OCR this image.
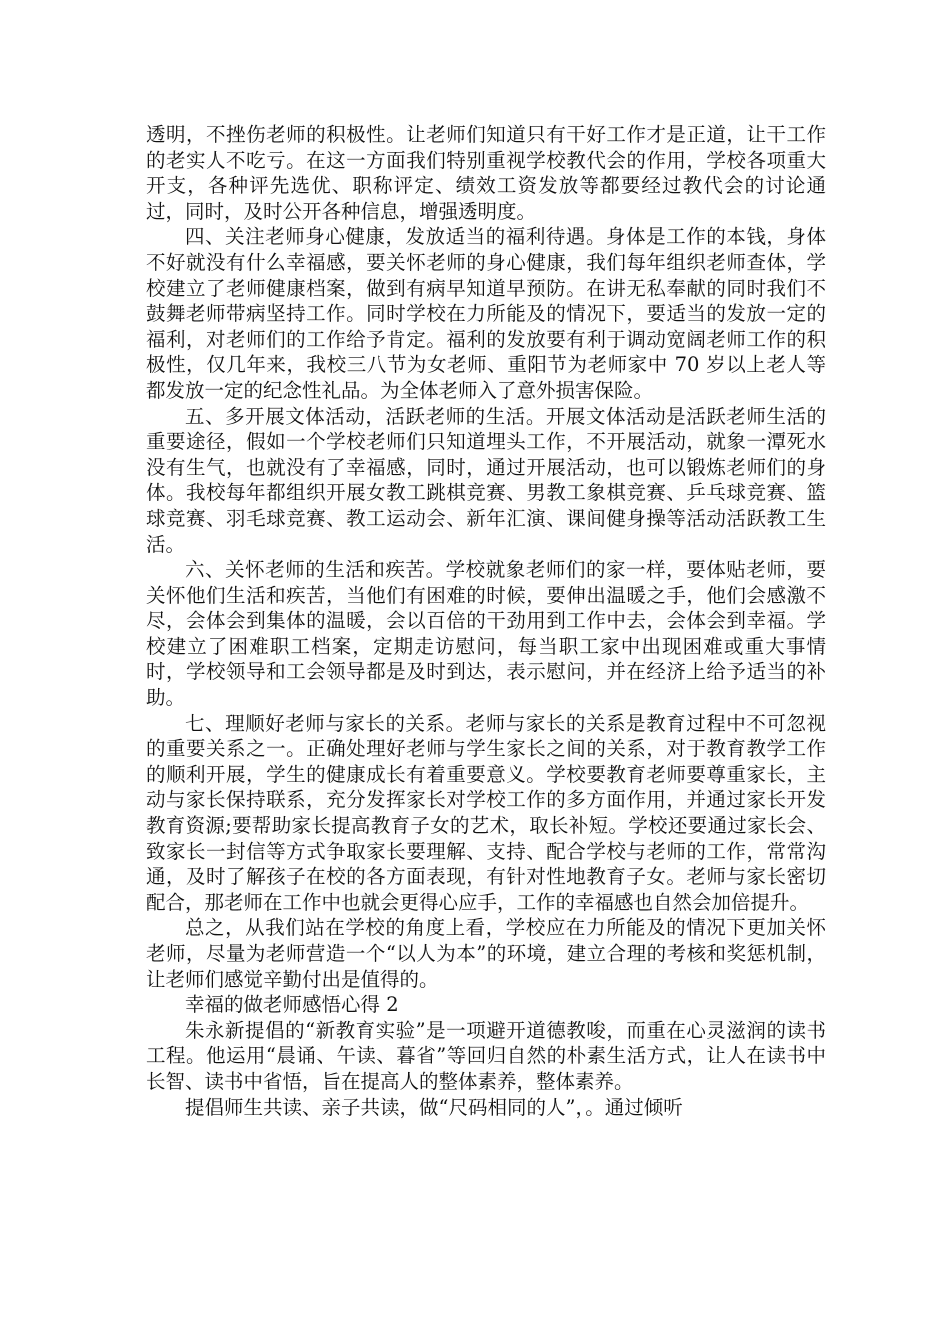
透明，不挫伤老师的积极性。让老师们知道只有干好工作才是正道，让干工作的老实人不吃亏。在这一方面我们特别重视学校教代会的作用，学校各项重大开支，各种评先选优、职称评定、绩效工资发放等都要经过教代会的讨论通过，同时，及时公开各种信息，增强透明度。

四、关注老师身心健康，发放适当的福利待遇。身体是工作的本钱，身体不好就没有什么幸福感，要关怀老师的身心健康，我们每年组织老师查体，学校建立了老师健康档案，做到有病早知道早预防。在讲无私奉献的同时我们不鼓舞老师带病坚持工作。同时学校在力所能及的情况下，要适当的发放一定的福利，对老师们的工作给予肯定。福利的发放要有利于调动宽阔老师工作的积极性，仅几年来，我校三八节为女老师、重阳节为老师家中 70 岁以上老人等都发放一定的纪念性礼品。为全体老师入了意外损害保险。

五、多开展文体活动，活跃老师的生活。开展文体活动是活跃老师生活的重要途径，假如一个学校老师们只知道埋头工作，不开展活动，就象一潭死水没有生气，也就没有了幸福感，同时，通过开展活动，也可以锻炼老师们的身体。我校每年都组织开展女教工跳棋竞赛、男教工象棋竞赛、乒乓球竞赛、篮球竞赛、羽毛球竞赛、教工运动会、新年汇演、课间健身操等活动活跃教工生活。

六、关怀老师的生活和疾苦。学校就象老师们的家一样，要体贴老师，要关怀他们生活和疾苦，当他们有困难的时候，要伸出温暖之手，他们会感激不尽，会体会到集体的温暖，会以百倍的干劲用到工作中去，会体会到幸福。学校建立了困难职工档案，定期走访慰问，每当职工家中出现困难或重大事情时，学校领导和工会领导都是及时到达，表示慰问，并在经济上给予适当的补助。

七、理顺好老师与家长的关系。老师与家长的关系是教育过程中不可忽视的重要关系之一。正确处理好老师与学生家长之间的关系，对于教育教学工作的顺利开展，学生的健康成长有着重要意义。学校要教育老师要尊重家长，主动与家长保持联系，充分发挥家长对学校工作的多方面作用，并通过家长开发教育资源;要帮助家长提高教育子女的艺术，取长补短。学校还要通过家长会、致家长一封信等方式争取家长要理解、支持、配合学校与老师的工作，常常沟通，及时了解孩子在校的各方面表现，有针对性地教育子女。老师与家长密切配合，那老师在工作中也就会更得心应手，工作的幸福感也自然会加倍提升。

总之，从我们站在学校的角度上看，学校应在力所能及的情况下更加关怀老师，尽量为老师营造一个“以人为本”的环境，建立合理的考核和奖惩机制，让老师们感觉辛勤付出是值得的。

幸福的做老师感悟心得 2

朱永新提倡的“新教育实验”是一项避开道德教唆，而重在心灵滋润的读书工程。他运用“晨诵、午读、暮省”等回归自然的朴素生活方式，让人在读书中长智、读书中省悟，旨在提高人的整体素养，整体素养。

提倡师生共读、亲子共读，做“尺码相同的人”，。通过倾听
